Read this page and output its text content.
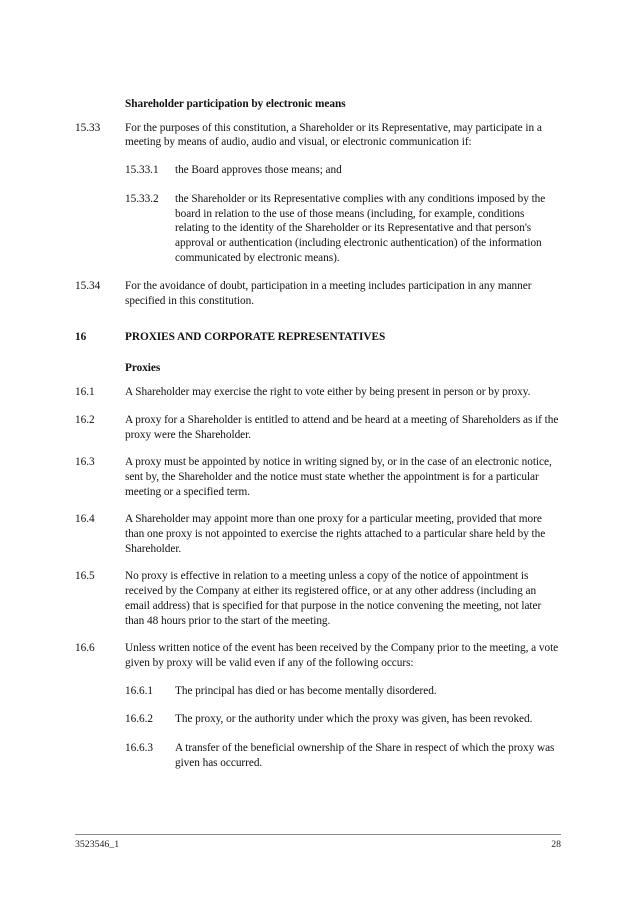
Shareholder participation by electronic means
15.33	For the purposes of this constitution, a Shareholder or its Representative, may participate in a meeting by means of audio, audio and visual, or electronic communication if:
15.33.1	the Board approves those means; and
15.33.2	the Shareholder or its Representative complies with any conditions imposed by the board in relation to the use of those means (including, for example, conditions relating to the identity of the Shareholder or its Representative and that person's approval or authentication (including electronic authentication) of the information communicated by electronic means).
15.34	For the avoidance of doubt, participation in a meeting includes participation in any manner specified in this constitution.
16	PROXIES AND CORPORATE REPRESENTATIVES
Proxies
16.1	A Shareholder may exercise the right to vote either by being present in person or by proxy.
16.2	A proxy for a Shareholder is entitled to attend and be heard at a meeting of Shareholders as if the proxy were the Shareholder.
16.3	A proxy must be appointed by notice in writing signed by, or in the case of an electronic notice, sent by, the Shareholder and the notice must state whether the appointment is for a particular meeting or a specified term.
16.4	A Shareholder may appoint more than one proxy for a particular meeting, provided that more than one proxy is not appointed to exercise the rights attached to a particular share held by the Shareholder.
16.5	No proxy is effective in relation to a meeting unless a copy of the notice of appointment is received by the Company at either its registered office, or at any other address (including an email address) that is specified for that purpose in the notice convening the meeting, not later than 48 hours prior to the start of the meeting.
16.6	Unless written notice of the event has been received by the Company prior to the meeting, a vote given by proxy will be valid even if any of the following occurs:
16.6.1	The principal has died or has become mentally disordered.
16.6.2	The proxy, or the authority under which the proxy was given, has been revoked.
16.6.3	A transfer of the beneficial ownership of the Share in respect of which the proxy was given has occurred.
3523546_1	28
